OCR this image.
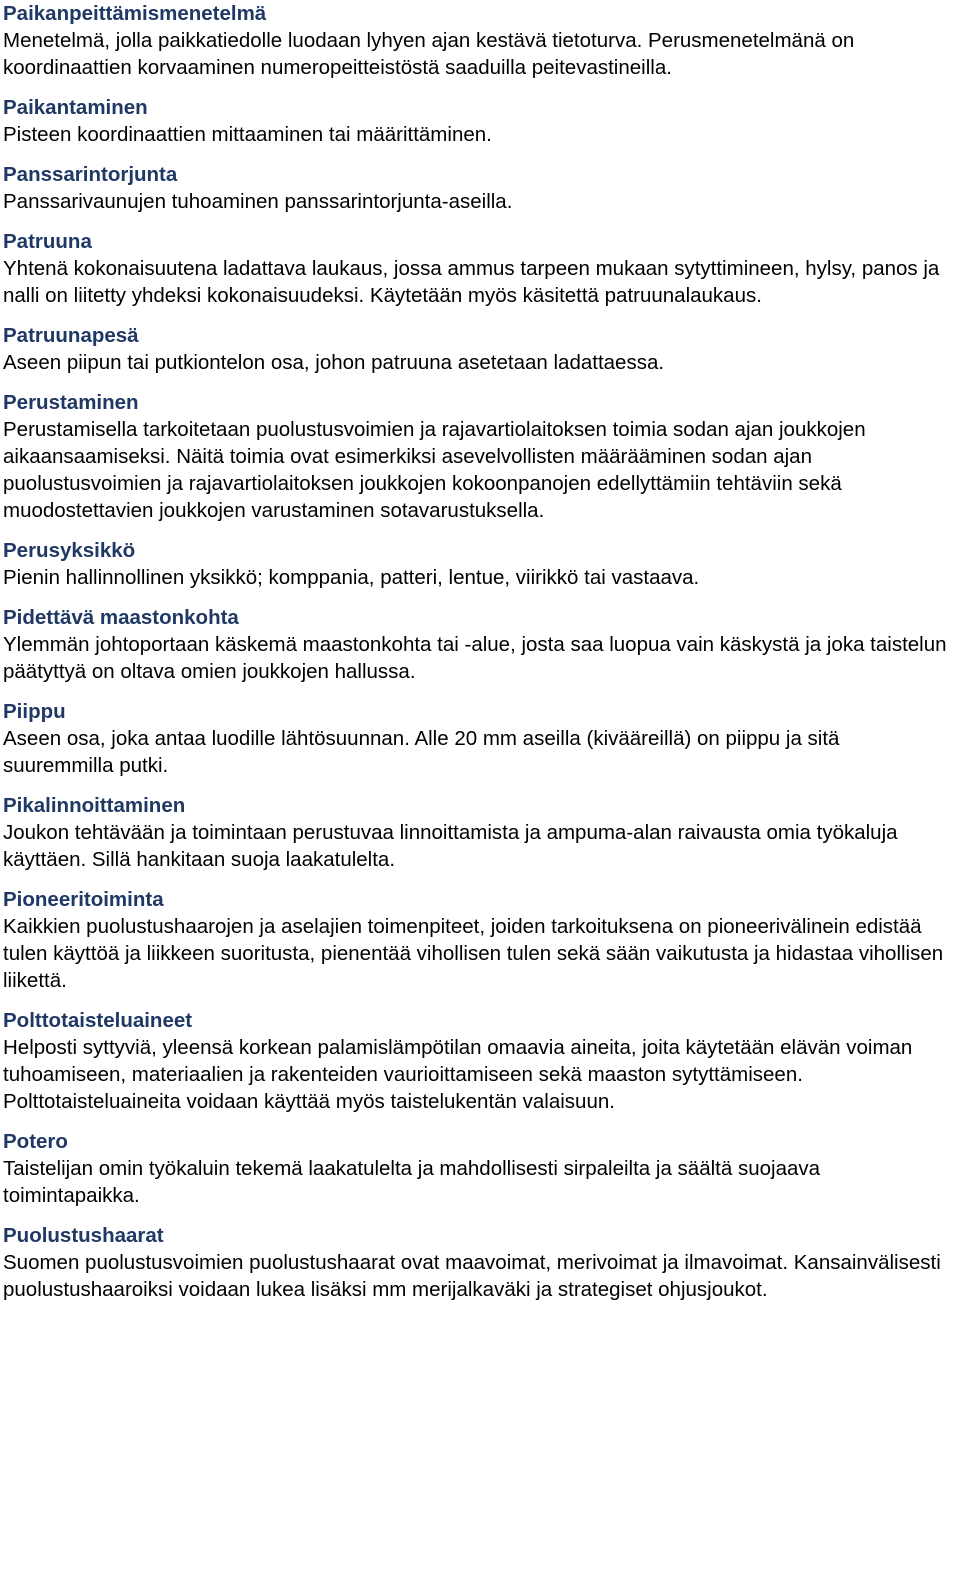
Paikanpeittämismenetelmä
Menetelmä, jolla paikkatiedolle luodaan lyhyen ajan kestävä tietoturva. Perusmenetelmänä on koordinaattien korvaaminen numeropeitteistöstä saaduilla peitevastineilla.
Paikantaminen
Pisteen koordinaattien mittaaminen tai määrittäminen.
Panssarintorjunta
Panssarivaunujen tuhoaminen panssarintorjunta-aseilla.
Patruuna
Yhtenä kokonaisuutena ladattava laukaus, jossa ammus tarpeen mukaan sytyttimineen, hylsy, panos ja nalli on liitetty yhdeksi kokonaisuudeksi. Käytetään myös käsitettä patruunalaukaus.
Patruunapesä
Aseen piipun tai putkiontelon osa, johon patruuna asetetaan ladattaessa.
Perustaminen
Perustamisella tarkoitetaan puolustusvoimien ja rajavartiolaitoksen toimia sodan ajan joukkojen aikaansaamiseksi. Näitä toimia ovat esimerkiksi asevelvollisten määrääminen sodan ajan puolustusvoimien ja rajavartiolaitoksen joukkojen kokoonpanojen edellyttämiin tehtäviin sekä muodostettavien joukkojen varustaminen sotavarustuksella.
Perusyksikkö
Pienin hallinnollinen yksikkö; komppania, patteri, lentue, viirikkö tai vastaava.
Pidettävä maastonkohta
Ylemmän johtoportaan käskemä maastonkohta tai -alue, josta saa luopua vain käskystä ja joka taistelun päätyttyä on oltava omien joukkojen hallussa.
Piippu
Aseen osa, joka antaa luodille lähtösuunnan. Alle 20 mm aseilla (kivääreillä) on piippu ja sitä suuremmilla putki.
Pikalinnoittaminen
Joukon tehtävään ja toimintaan perustuvaa linnoittamista ja ampuma-alan raivausta omia työkaluja käyttäen. Sillä hankitaan suoja laakatulelta.
Pioneeritoiminta
Kaikkien puolustushaarojen ja aselajien toimenpiteet, joiden tarkoituksena on pioneerivälinein edistää tulen käyttöä ja liikkeen suoritusta, pienentää vihollisen tulen sekä sään vaikutusta ja hidastaa vihollisen liikettä.
Polttotaisteluaineet
Helposti syttyviä, yleensä korkean palamislämpötilan omaavia aineita, joita käytetään elävän voiman tuhoamiseen, materiaalien ja rakenteiden vaurioittamiseen sekä maaston sytyttämiseen. Polttotaisteluaineita voidaan käyttää myös taistelukentän valaisuun.
Potero
Taistelijan omin työkaluin tekemä laakatulelta ja mahdollisesti sirpaleilta ja säältä suojaava toimintapaikka.
Puolustushaarat
Suomen puolustusvoimien puolustushaarat ovat maavoimat, merivoimat ja ilmavoimat. Kansainvälisesti puolustushaaroiksi voidaan lukea lisäksi mm merijalkaväki ja strategiset ohjusjoukot.
